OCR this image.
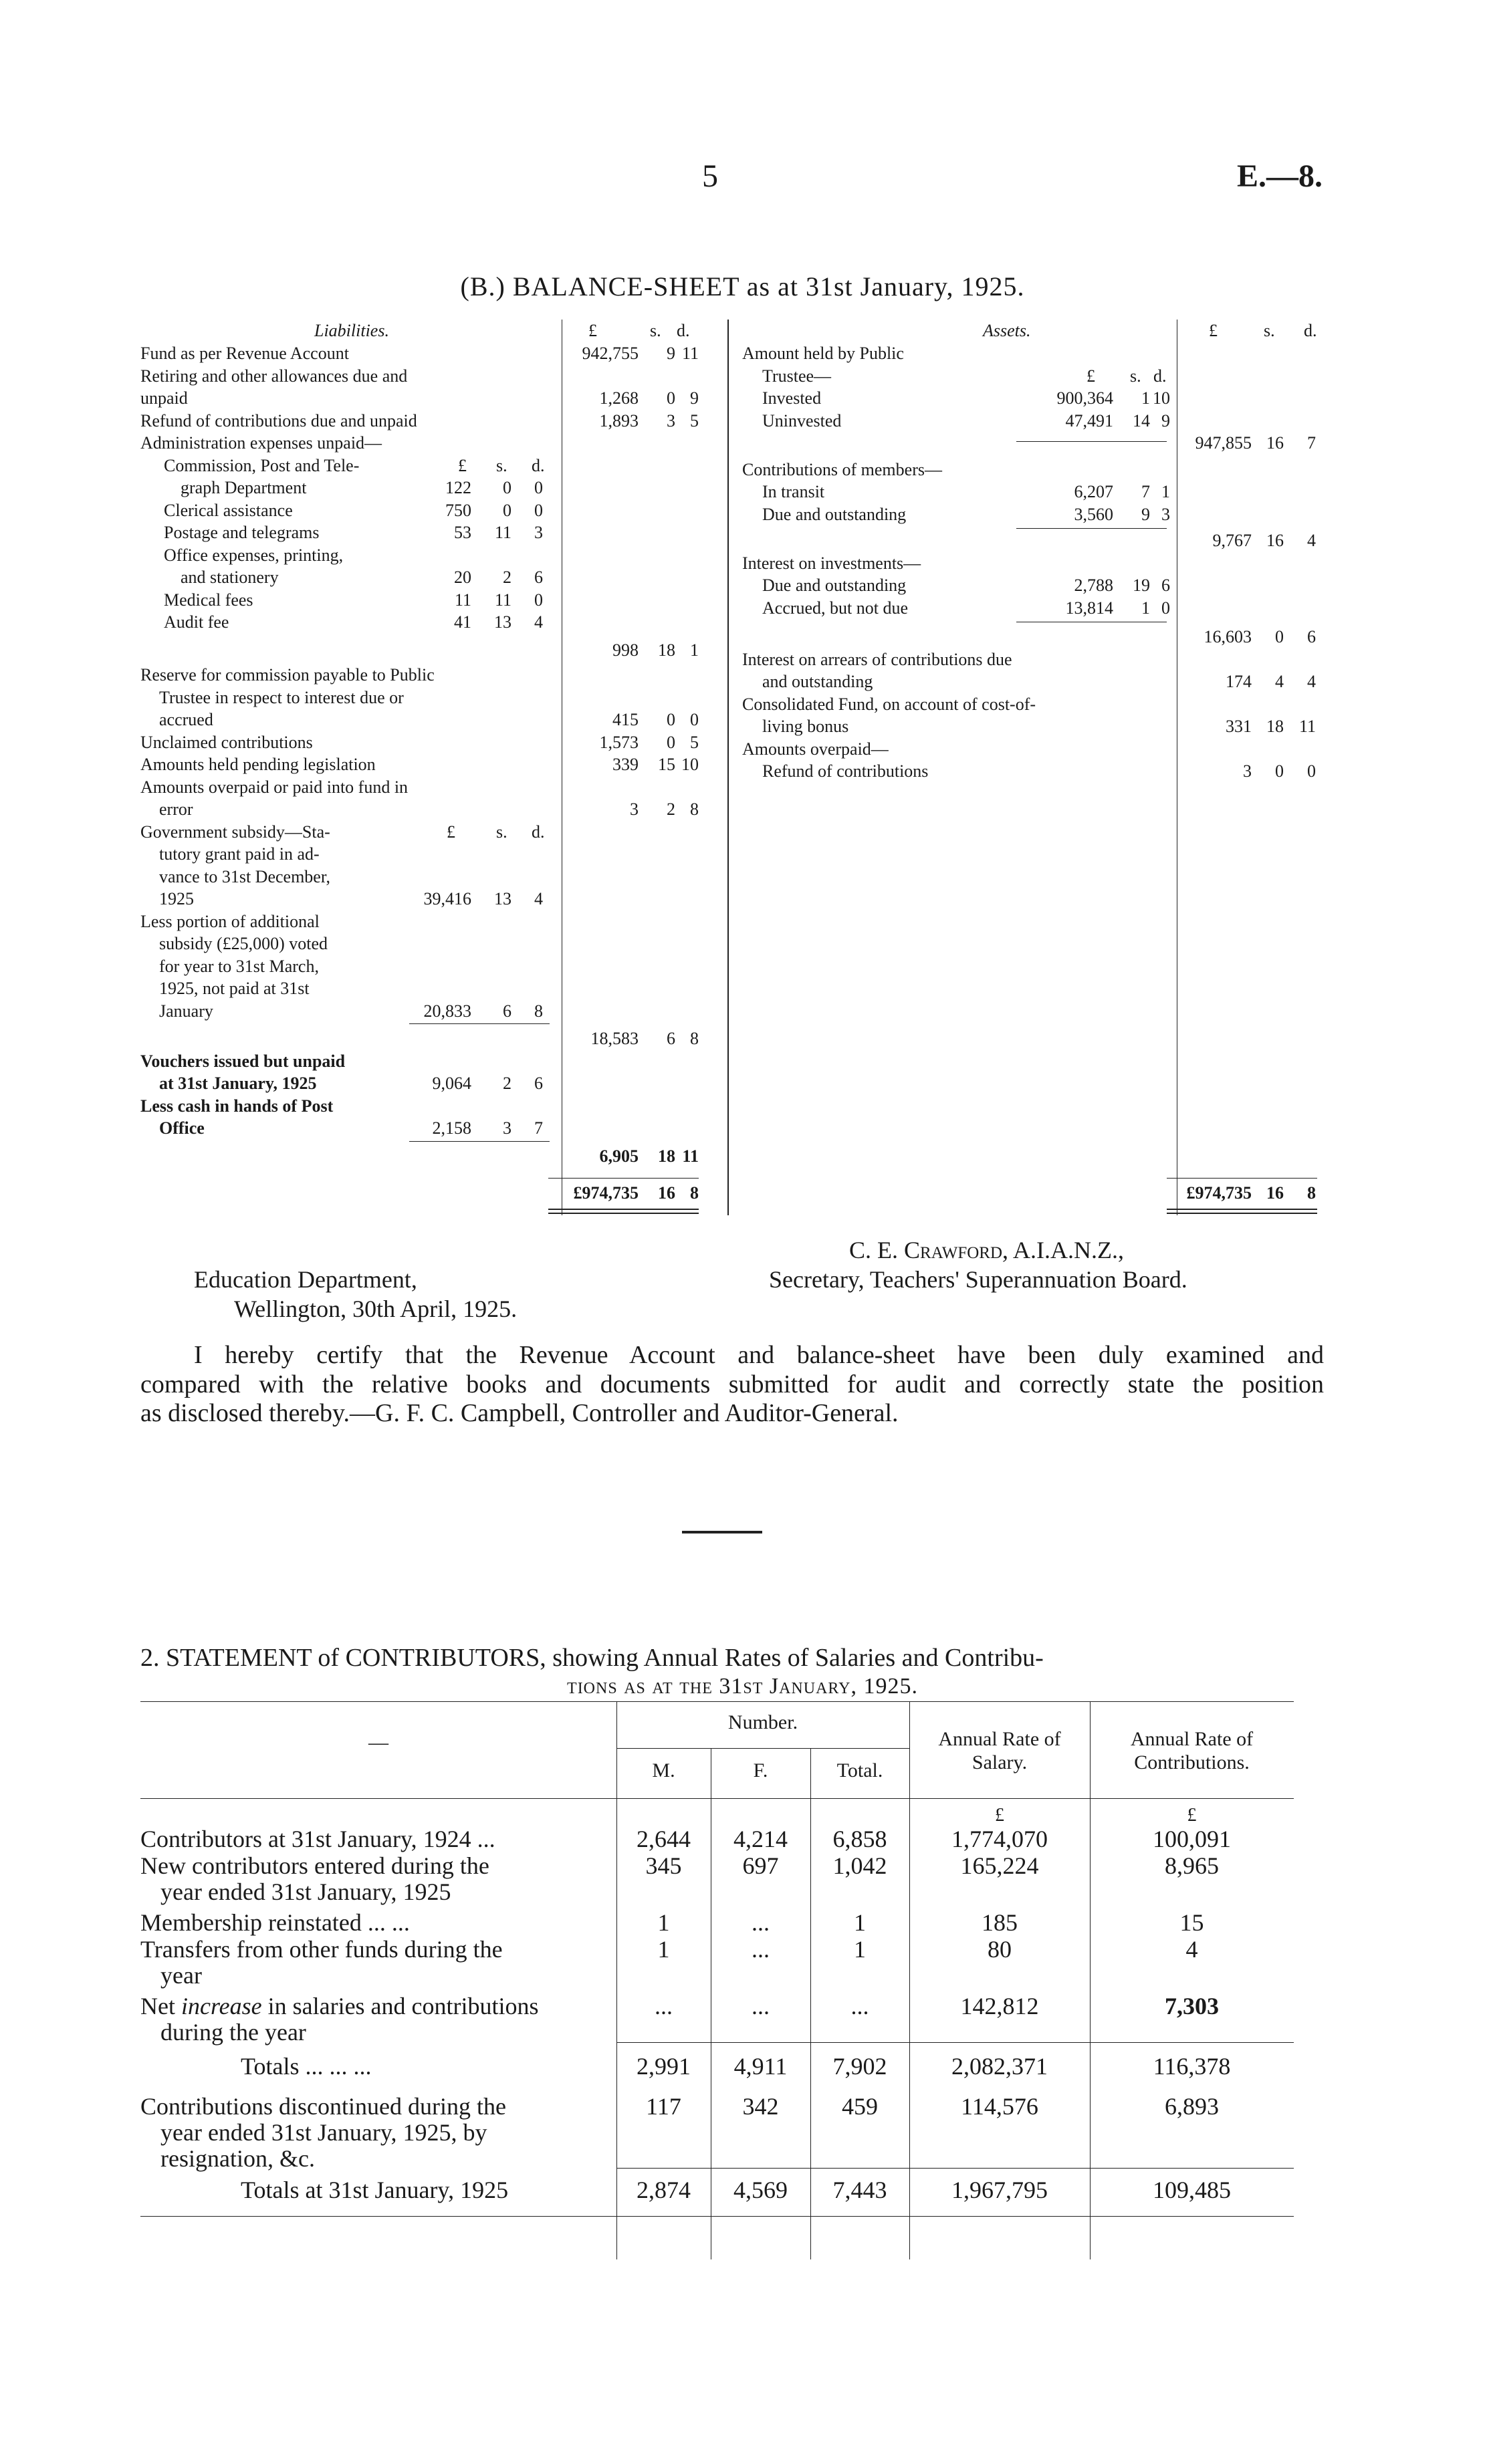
5	E.—8.
(B.) BALANCE-SHEET as at 31st January, 1925.
Liabilities.	£	s. d.
Fund as per Revenue Account	942,755	9 11
Retiring and other allowances due and
unpaid	1,268	0 9
Refund of contributions due and unpaid	1,893	3 5
Administration expenses unpaid—
£ s. d.
Commission, Post and Tele-
graph Department	122	0	0
Clerical assistance	750	0	0
Postage and telegrams	53	11	3
Office expenses, printing,
and stationery	20	2	6
Medical fees	11	11	0
Audit fee	41	13	4
998	18 1
Reserve for commission payable to Public
Trustee in respect to interest due or
accrued	415	0 0
Unclaimed contributions	1,573	0 5
Amounts held pending legislation	339	15 10
Amounts overpaid or paid into fund in
error	3	2 8
Government subsidy—Sta-
tutory grant paid in ad-
vance to 31st December,
1925	39,416	13	4
Less portion of additional
subsidy (£25,000) voted
for year to 31st March,
1925, not paid at 31st
January	20,833	6	8
£ s. d.
18,583	6 8
Vouchers issued but unpaid
at 31st January, 1925	9,064	2	6
Less cash in hands of Post
Office	2,158	3	7
6,905	18 11
£974,735	16 8
Assets.	£	s. d.
Amount held by Public
Trustee—	£ s. d.
Invested	900,364	1 10
Uninvested	47,491	14 9
947,855 16	7
Contributions of members—
In transit	6,207	7 1
Due and outstanding	3,560	9 3
9,767 16	4
Interest on investments—
Due and outstanding	2,788	19 6
Accrued, but not due	13,814	1 0
16,603	0	6
Interest on arrears of contributions due
and outstanding	174	4	4
Consolidated Fund, on account of cost-of-
living bonus	331 18 11
Amounts overpaid—
Refund of contributions	3	0	0
£974,735 16	8
Education Department,
Wellington, 30th April, 1925.
C. E. Crawford, A.I.A.N.Z.,
Secretary, Teachers' Superannuation Board.
I hereby certify that the Revenue Account and balance-sheet have been duly examined and
compared with the relative books and documents submitted for audit and correctly state the position
as disclosed thereby.—G. F. C. Campbell, Controller and Auditor-General.
2. STATEMENT of CONTRIBUTORS, showing Annual Rates of Salaries and Contribu-
tions as at the 31st January, 1925.
—
Number.
M.	F.	Total.
Annual Rate of
Salary.
Annual Rate of
Contributions.
£	£
Contributors at 31st January, 1924 ...	2,644	4,214	6,858	1,774,070	100,091
New contributors entered during the
year ended 31st January, 1925
345	697	1,042	165,224	8,965
Membership reinstated ... ...	1	...	1	185	15
Transfers from other funds during the
year
1	...	1	80	4
Net increase in salaries and contributions
during the year
...	...	...	142,812	7,303
Totals ... ... ...	2,991	4,911	7,902	2,082,371	116,378
Contributions discontinued during the
year ended 31st January, 1925, by
resignation, &c.
117	342	459	114,576	6,893
Totals at 31st January, 1925	2,874	4,569	7,443	1,967,795	109,485
